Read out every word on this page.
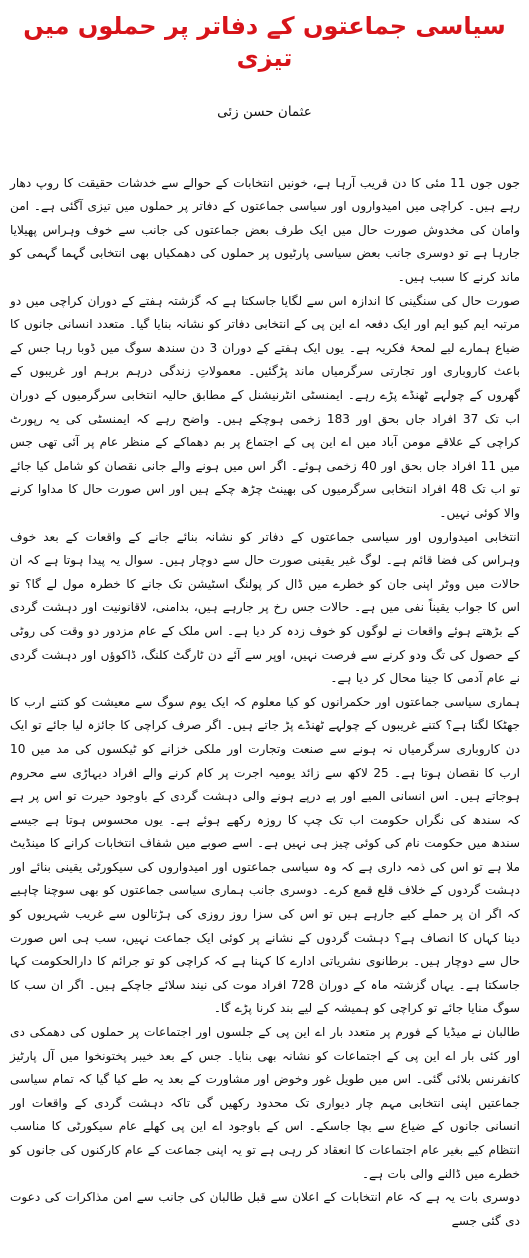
سیاسی جماعتوں کے دفاتر پر حملوں میں تیزی
عثمان حسن زئی

جوں جوں 11 مئی کا دن قریب آرہا ہے، خونیں انتخابات کے حوالے سے خدشات حقیقت کا روپ دھار رہے ہیں۔ کراچی میں امیدواروں اور سیاسی جماعتوں کے دفاتر پر حملوں میں تیزی آگئی ہے۔ امن وامان کی مخدوش صورت حال میں ایک طرف بعض جماعتوں کی جانب سے خوف وہراس پھیلایا جارہا ہے تو دوسری جانب بعض سیاسی پارٹیوں پر حملوں کی دھمکیاں بھی انتخابی گہما گہمی کو ماند کرنے کا سبب ہیں۔

صورت حال کی سنگینی کا اندازہ اس سے لگایا جاسکتا ہے کہ گزشتہ ہفتے کے دوران کراچی میں دو مرتبہ ایم کیو ایم اور ایک دفعہ اے این پی کے انتخابی دفاتر کو نشانہ بنایا گیا۔ متعدد انسانی جانوں کا ضیاع ہمارے لیے لمحۂ فکریہ ہے۔ یوں ایک ہفتے کے دوران 3 دن سندھ سوگ میں ڈوبا رہا جس کے باعث کاروباری اور تجارتی سرگرمیاں ماند پڑگئیں۔ معمولاتِ زندگی درہم برہم اور غریبوں کے گھروں کے چولہے ٹھنڈے پڑے رہے۔ ایمنسٹی انٹرنیشنل کے مطابق حالیہ انتخابی سرگرمیوں کے دوران اب تک 37 افراد جاں بحق اور 183 زخمی ہوچکے ہیں۔ واضح رہے کہ ایمنسٹی کی یہ رپورٹ کراچی کے علاقے مومن آباد میں اے این پی کے اجتماع پر بم دھماکے کے منظر عام پر آئی تھی جس میں 11 افراد جاں بحق اور 40 زخمی ہوئے۔ اگر اس میں ہونے والے جانی نقصان کو شامل کیا جائے تو اب تک 48 افراد انتخابی سرگرمیوں کی بھینٹ چڑھ چکے ہیں اور اس صورت حال کا مداوا کرنے والا کوئی نہیں۔

انتخابی امیدواروں اور سیاسی جماعتوں کے دفاتر کو نشانہ بنائے جانے کے واقعات کے بعد خوف وہراس کی فضا قائم ہے۔ لوگ غیر یقینی صورت حال سے دوچار ہیں۔ سوال یہ پیدا ہوتا ہے کہ ان حالات میں ووٹر اپنی جان کو خطرے میں ڈال کر پولنگ اسٹیشن تک جانے کا خطرہ مول لے گا؟ تو اس کا جواب یقیناً نفی میں ہے۔ حالات جس رخ پر جارہے ہیں، بدامنی، لاقانونیت اور دہشت گردی کے بڑھتے ہوئے واقعات نے لوگوں کو خوف زدہ کر دیا ہے۔ اس ملک کے عام مزدور دو وقت کی روٹی کے حصول کی تگ ودو کرنے سے فرصت نہیں، اوپر سے آئے دن ٹارگٹ کلنگ، ڈاکوؤں اور دہشت گردی نے عام آدمی کا جینا محال کر دیا ہے۔

ہماری سیاسی جماعتوں اور حکمرانوں کو کیا معلوم کہ ایک یوم سوگ سے معیشت کو کتنے ارب کا جھٹکا لگتا ہے؟ کتنے غریبوں کے چولہے ٹھنڈے پڑ جاتے ہیں۔ اگر صرف کراچی کا جائزہ لیا جائے تو ایک دن کاروباری سرگرمیاں نہ ہونے سے صنعت وتجارت اور ملکی خزانے کو ٹیکسوں کی مد میں 10 ارب کا نقصان ہوتا ہے۔ 25 لاکھ سے زائد یومیہ اجرت پر کام کرنے والے افراد دیہاڑی سے محروم ہوجاتے ہیں۔ اس انسانی المیے اور پے درپے ہونے والی دہشت گردی کے باوجود حیرت تو اس پر ہے کہ سندھ کی نگراں حکومت اب تک چپ کا روزہ رکھے ہوئے ہے۔ یوں محسوس ہوتا ہے جیسے سندھ میں حکومت نام کی کوئی چیز ہی نہیں ہے۔ اسے صوبے میں شفاف انتخابات کرانے کا مینڈیٹ ملا ہے تو اس کی ذمہ داری ہے کہ وہ سیاسی جماعتوں اور امیدواروں کی سیکورٹی یقینی بنائے اور دہشت گردوں کے خلاف قلع قمع کرے۔ دوسری جانب ہماری سیاسی جماعتوں کو بھی سوچنا چاہیے کہ اگر ان پر حملے کیے جارہے ہیں تو اس کی سزا روز روزی کی ہڑتالوں سے غریب شہریوں کو دینا کہاں کا انصاف ہے؟ دہشت گردوں کے نشانے پر کوئی ایک جماعت نہیں، سب ہی اس صورت حال سے دوچار ہیں۔ برطانوی نشریاتی ادارے کا کہنا ہے کہ کراچی کو تو جرائم کا دارالحکومت کہا جاسکتا ہے۔ یہاں گزشتہ ماہ کے دوران 728 افراد موت کی نیند سلائے جاچکے ہیں۔ اگر ان سب کا سوگ منایا جائے تو کراچی کو ہمیشہ کے لیے بند کرنا پڑے گا۔

طالبان نے میڈیا کے فورم پر متعدد بار اے این پی کے جلسوں اور اجتماعات پر حملوں کی دھمکی دی اور کئی بار اے این پی کے اجتماعات کو نشانہ بھی بنایا۔ جس کے بعد خیبر پختونخوا میں آل پارٹیز کانفرنس بلائی گئی۔ اس میں طویل غور وخوض اور مشاورت کے بعد یہ طے کیا گیا کہ تمام سیاسی جماعتیں اپنی انتخابی مہم چار دیواری تک محدود رکھیں گی تاکہ دہشت گردی کے واقعات اور انسانی جانوں کے ضیاع سے بچا جاسکے۔ اس کے باوجود اے این پی کھلے عام سیکورٹی کا مناسب انتظام کیے بغیر عام اجتماعات کا انعقاد کر رہی ہے تو یہ اپنی جماعت کے عام کارکنوں کی جانوں کو خطرے میں ڈالنے والی بات ہے۔

دوسری بات یہ ہے کہ عام انتخابات کے اعلان سے قبل طالبان کی جانب سے امن مذاکرات کی دعوت دی گئی جسے
